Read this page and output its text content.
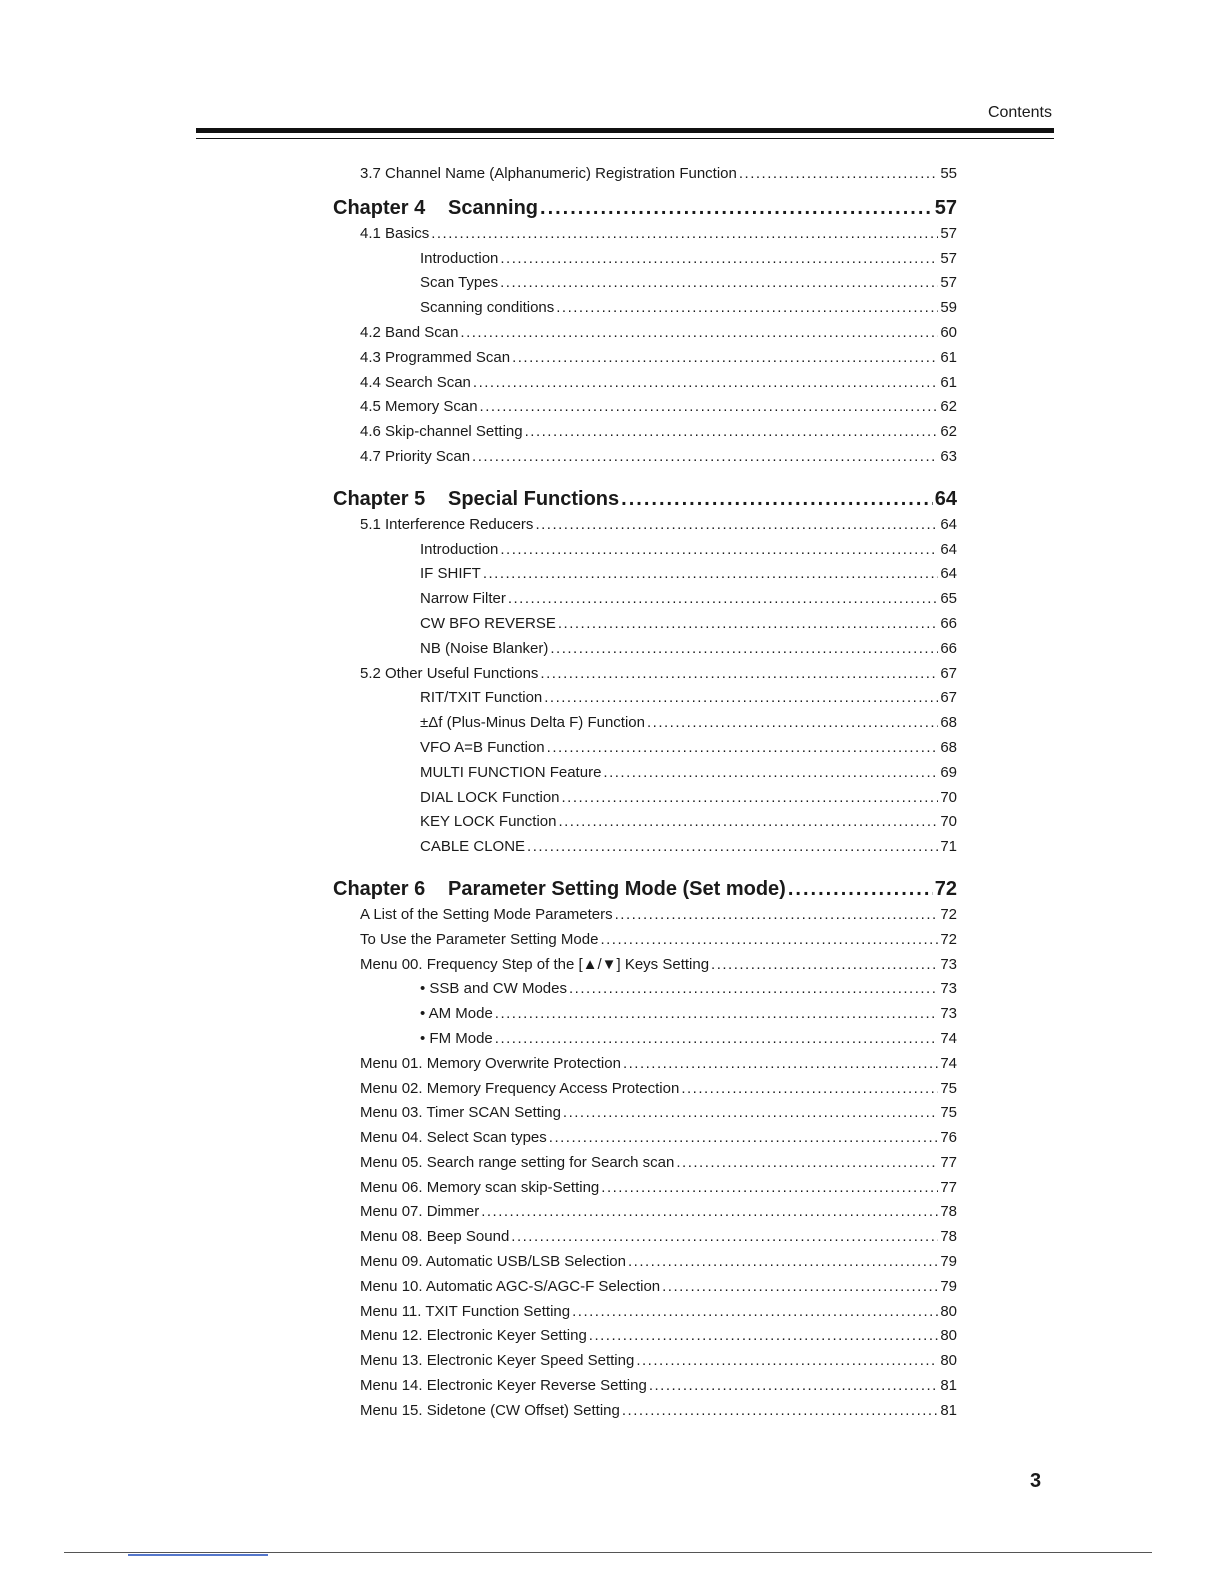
Contents
3.7 Channel Name (Alphanumeric) Registration Function .....	55
Chapter 4	Scanning .....	57
4.1 Basics .....	57
Introduction .....	57
Scan Types .....	57
Scanning conditions .....	59
4.2 Band Scan .....	60
4.3 Programmed Scan .....	61
4.4 Search Scan .....	61
4.5 Memory Scan .....	62
4.6 Skip-channel Setting .....	62
4.7 Priority Scan .....	63
Chapter 5	Special Functions .....	64
5.1 Interference Reducers .....	64
Introduction .....	64
IF SHIFT .....	64
Narrow Filter .....	65
CW BFO REVERSE .....	66
NB (Noise Blanker) .....	66
5.2 Other Useful Functions .....	67
RIT/TXIT Function .....	67
±Δf (Plus-Minus Delta F) Function .....	68
VFO A=B Function .....	68
MULTI FUNCTION Feature .....	69
DIAL LOCK Function .....	70
KEY LOCK Function .....	70
CABLE CLONE .....	71
Chapter 6	Parameter Setting Mode (Set mode) .....	72
A List of the Setting Mode Parameters .....	72
To Use the Parameter Setting Mode .....	72
Menu 00. Frequency Step of the [▲/▼] Keys Setting .....	73
• SSB and CW Modes .....	73
• AM Mode .....	73
• FM Mode .....	74
Menu 01. Memory Overwrite Protection .....	74
Menu 02. Memory Frequency Access Protection .....	75
Menu 03. Timer SCAN Setting .....	75
Menu 04. Select Scan types .....	76
Menu 05. Search range setting for Search scan .....	77
Menu 06. Memory scan skip-Setting .....	77
Menu 07. Dimmer .....	78
Menu 08. Beep Sound .....	78
Menu 09. Automatic USB/LSB Selection .....	79
Menu 10. Automatic AGC-S/AGC-F Selection .....	79
Menu 11. TXIT Function Setting .....	80
Menu 12. Electronic Keyer Setting .....	80
Menu 13. Electronic Keyer Speed Setting .....	80
Menu 14. Electronic Keyer Reverse Setting .....	81
Menu 15. Sidetone (CW Offset) Setting .....	81
3
